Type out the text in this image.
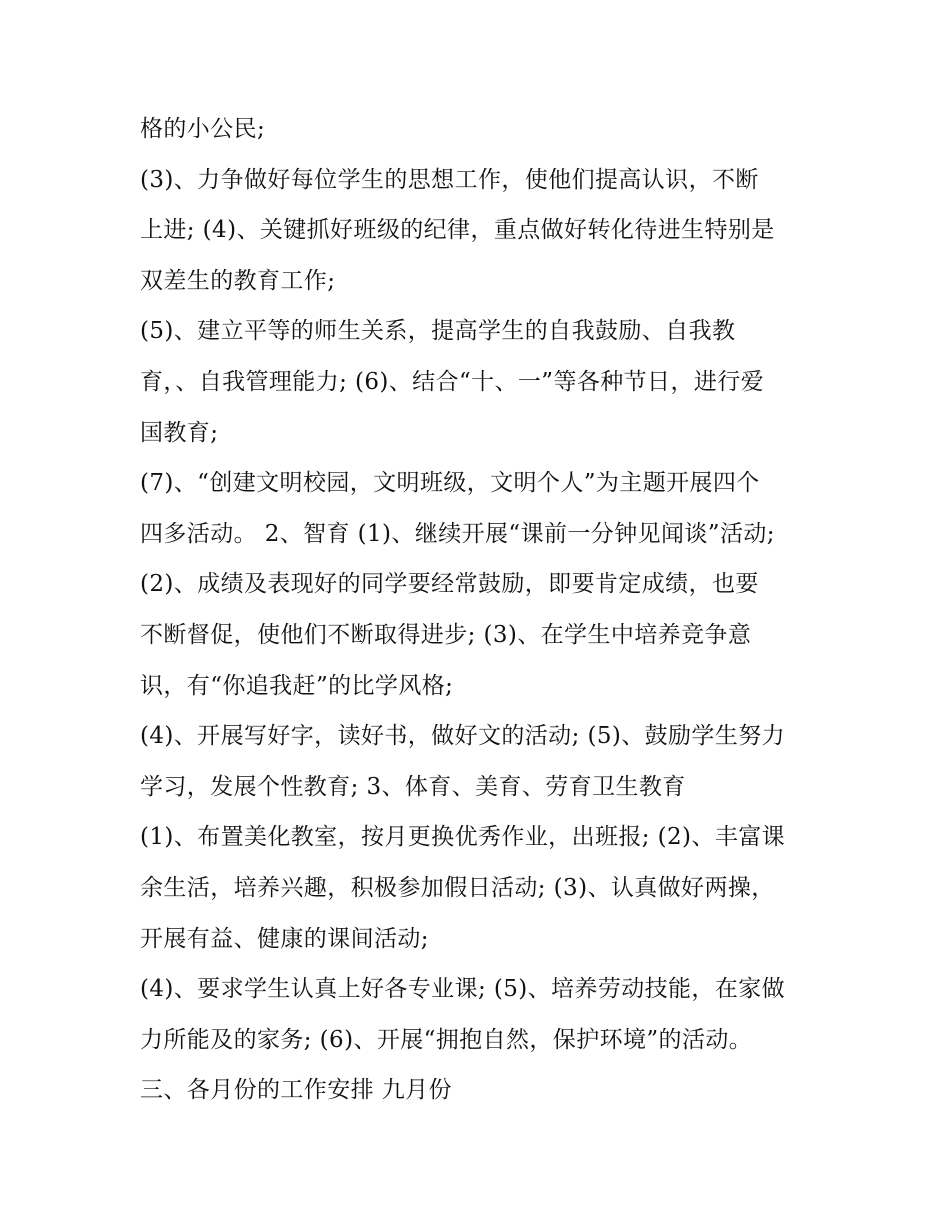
格的小公民;
(3)、力争做好每位学生的思想工作，使他们提高认识，不断
上进; (4)、关键抓好班级的纪律，重点做好转化待进生特别是
双差生的教育工作;
(5)、建立平等的师生关系，提高学生的自我鼓励、自我教
育，、自我管理能力; (6)、结合“十、一”等各种节日，进行爱
国教育;
(7)、“创建文明校园，文明班级，文明个人”为主题开展四个
四多活动。 2、智育 (1)、继续开展“课前一分钟见闻谈”活动;
(2)、成绩及表现好的同学要经常鼓励，即要肯定成绩，也要
不断督促，使他们不断取得进步; (3)、在学生中培养竞争意
识，有“你追我赶”的比学风格;
(4)、开展写好字，读好书，做好文的活动; (5)、鼓励学生努力
学习，发展个性教育; 3、体育、美育、劳育卫生教育
(1)、布置美化教室，按月更换优秀作业，出班报; (2)、丰富课
余生活，培养兴趣，积极参加假日活动; (3)、认真做好两操，
开展有益、健康的课间活动;
(4)、要求学生认真上好各专业课; (5)、培养劳动技能，在家做
力所能及的家务; (6)、开展“拥抱自然，保护环境”的活动。
三、各月份的工作安排 九月份
